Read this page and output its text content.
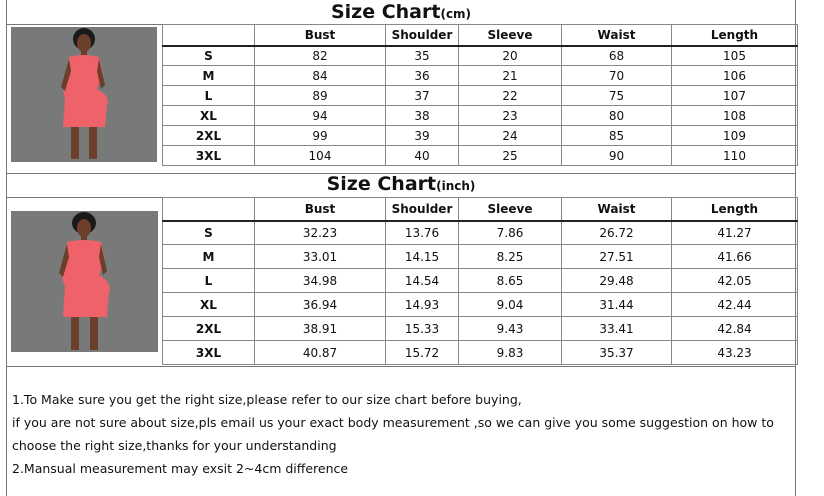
Size Chart(cm)
	Bust	Shoulder	Sleeve	Waist	Length
S	82	35	20	68	105
M	84	36	21	70	106
L	89	37	22	75	107
XL	94	38	23	80	108
2XL	99	39	24	85	109
3XL	104	40	25	90	110
Size Chart(inch)
	Bust	Shoulder	Sleeve	Waist	Length
S	32.23	13.76	7.86	26.72	41.27
M	33.01	14.15	8.25	27.51	41.66
L	34.98	14.54	8.65	29.48	42.05
XL	36.94	14.93	9.04	31.44	42.44
2XL	38.91	15.33	9.43	33.41	42.84
3XL	40.87	15.72	9.83	35.37	43.23

1.To Make sure you get the right size,please refer to our size chart before buying,

if you are not sure about size,pls email us your exact body measurement ,so we can give you some suggestion on how to

choose the right size,thanks for your understanding

2.Mansual measurement may exsit 2~4cm difference
